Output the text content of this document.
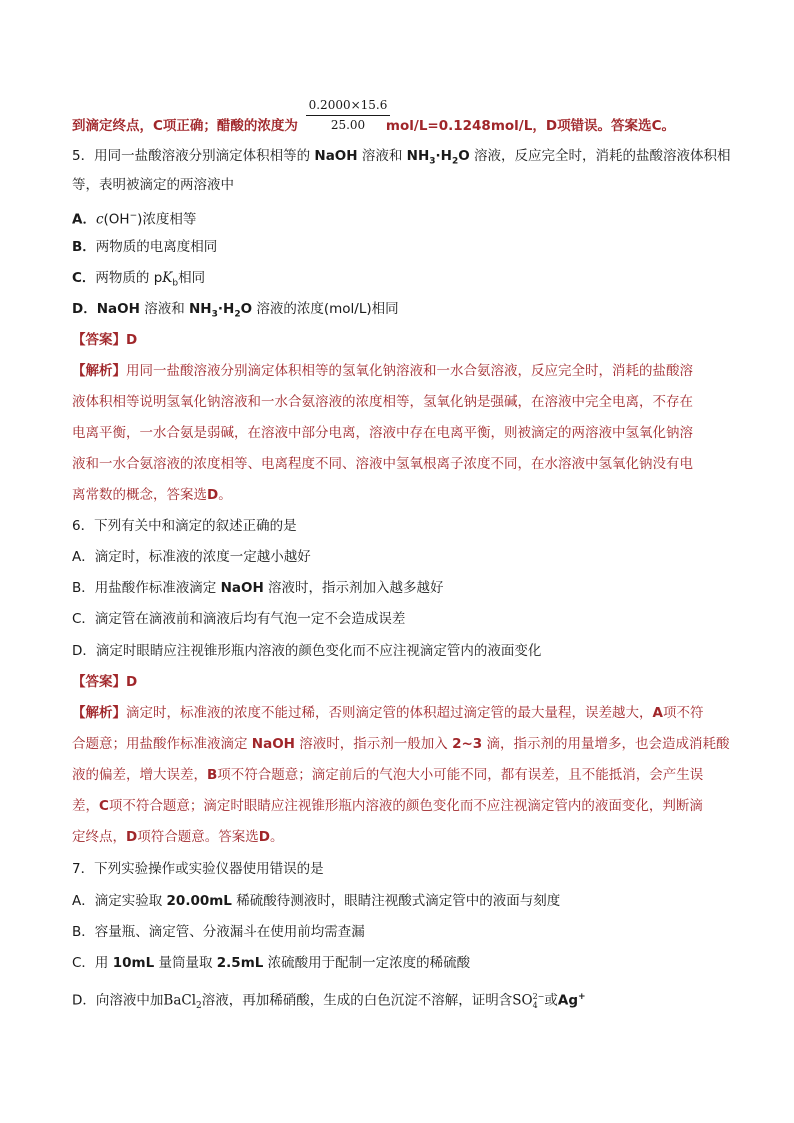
$\frac{0.2000\times 15.6}{25.00}$
到滴定终点，C项正确；醋酸的浓度为	mol/L=0.1248mol/L，D项错误。答案选C。
5．用同一盐酸溶液分别滴定体积相等的 NaOH 溶液和 $NH_3\cdot H_2O$ 溶液，反应完全时，消耗的盐酸溶液体积相
等，表明被滴定的两溶液中
A．c(OH−)浓度相等
B．两物质的电离度相同
C．两物质的 $pK_b$相同
D．NaOH 溶液和 $NH_3\cdot H_2O$ 溶液的浓度(mol/L)相同
【答案】D
【解析】用同一盐酸溶液分别滴定体积相等的氢氧化钠溶液和一水合氨溶液，反应完全时，消耗的盐酸溶
液体积相等说明氢氧化钠溶液和一水合氨溶液的浓度相等，氢氧化钠是强碱，在溶液中完全电离，不存在
电离平衡，一水合氨是弱碱，在溶液中部分电离，溶液中存在电离平衡，则被滴定的两溶液中氢氧化钠溶
液和一水合氨溶液的浓度相等、电离程度不同、溶液中氢氧根离子浓度不同，在水溶液中氢氧化钠没有电
离常数的概念，答案选D。
6．下列有关中和滴定的叙述正确的是
A．滴定时，标准液的浓度一定越小越好
B．用盐酸作标准液滴定 NaOH 溶液时，指示剂加入越多越好
C．滴定管在滴液前和滴液后均有气泡一定不会造成误差
D．滴定时眼睛应注视锥形瓶内溶液的颜色变化而不应注视滴定管内的液面变化
【答案】D
【解析】滴定时，标准液的浓度不能过稀，否则滴定管的体积超过滴定管的最大量程，误差越大，A项不符
合题意；用盐酸作标准液滴定 NaOH 溶液时，指示剂一般加入 2~3 滴，指示剂的用量增多，也会造成消耗酸
液的偏差，增大误差，B项不符合题意；滴定前后的气泡大小可能不同，都有误差，且不能抵消，会产生误
差，C项不符合题意；滴定时眼睛应注视锥形瓶内溶液的颜色变化而不应注视滴定管内的液面变化，判断滴
定终点，D项符合题意。答案选D。
7．下列实验操作或实验仪器使用错误的是
A．滴定实验取 20.00mL 稀硫酸待测液时，眼睛注视酸式滴定管中的液面与刻度
B．容量瓶、滴定管、分液漏斗在使用前均需查漏
C．用 10mL 量筒量取 2.5mL 浓硫酸用于配制一定浓度的稀硫酸
D．向溶液中加BaCl$_2$溶液，再加稀硝酸，生成的白色沉淀不溶解，证明含SO 2−
4 或Ag+
